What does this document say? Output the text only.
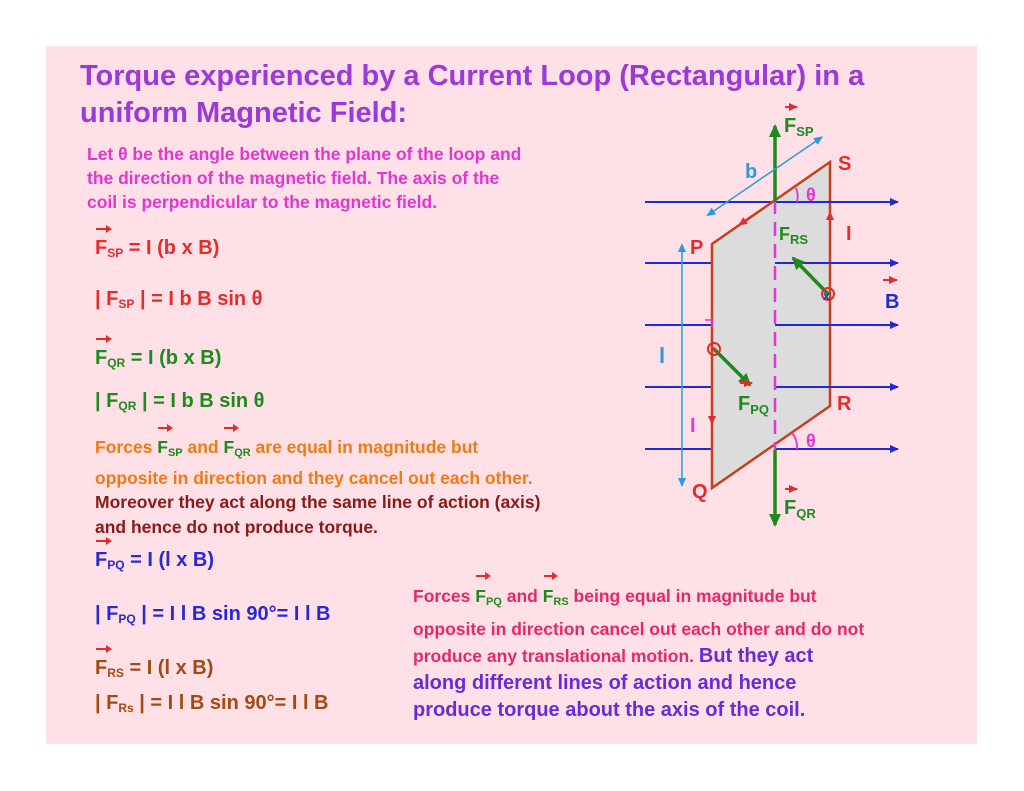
Torque experienced by a Current Loop (Rectangular) in a
uniform Magnetic Field:
Let θ be the angle between the plane of the loop and
the direction of the magnetic field. The axis of the
coil is perpendicular to the magnetic field.
$F_{SP} = I$ (b x B)
| $F_{SP}$ | = I b B sin θ
$F_{QR} = I$ (b x B)
| $F_{QR}$ | = I b B sin θ
Forces $F_{SP}$ and $F_{QR}$ are equal in magnitude but
opposite in direction and they cancel out each other.
Moreover they act along the same line of action (axis)
and hence do not produce torque.
$F_{PQ} = I$ (l x B)
| $F_{PQ}$ | = I l B sin 90°= I l B
$F_{RS} = I$ (l x B)
| $F_{Rs}$ | = I l B sin 90°= I l B
Forces $F_{PQ}$ and $F_{RS}$ being equal in magnitude but
opposite in direction cancel out each other and do not
produce any translational motion. But they act
along different lines of action and hence
produce torque about the axis of the coil.
x
$F_{SP}$
$F_{QR}$
$F_{RS}$
$F_{PQ}$
b
l
S
P
Q
R
I
I
B
θ
θ
